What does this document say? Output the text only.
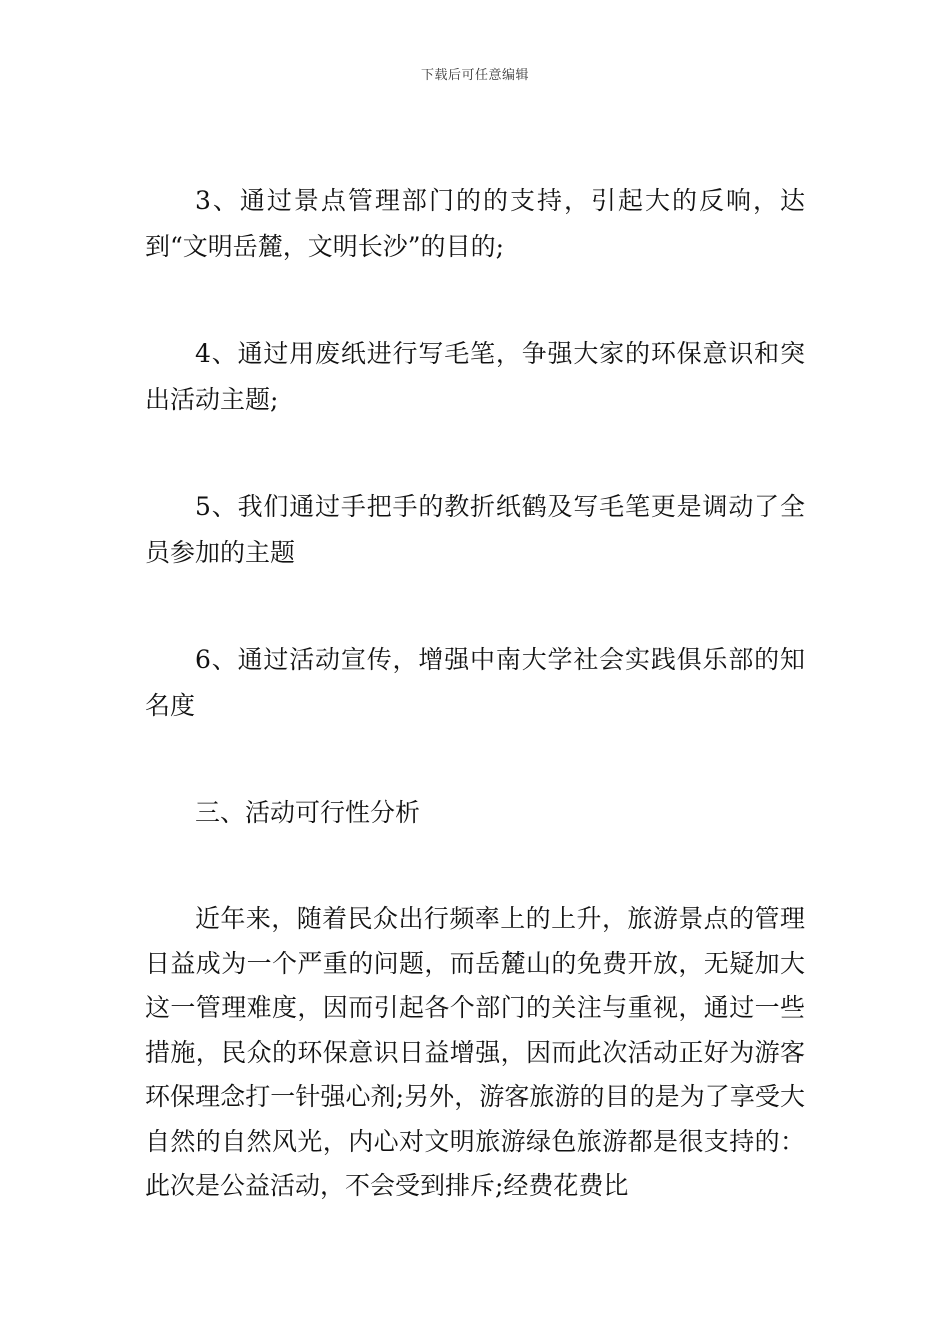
下载后可任意编辑

3、通过景点管理部门的的支持，引起大的反响，达到“文明岳麓，文明长沙”的目的;

4、通过用废纸进行写毛笔，争强大家的环保意识和突出活动主题;

5、我们通过手把手的教折纸鹤及写毛笔更是调动了全员参加的主题

6、通过活动宣传，增强中南大学社会实践俱乐部的知名度

三、活动可行性分析

近年来，随着民众出行频率上的上升，旅游景点的管理日益成为一个严重的问题，而岳麓山的免费开放，无疑加大这一管理难度，因而引起各个部门的关注与重视，通过一些措施，民众的环保意识日益增强，因而此次活动正好为游客环保理念打一针强心剂;另外，游客旅游的目的是为了享受大自然的自然风光，内心对文明旅游绿色旅游都是很支持的：此次是公益活动，不会受到排斥;经费花费比
